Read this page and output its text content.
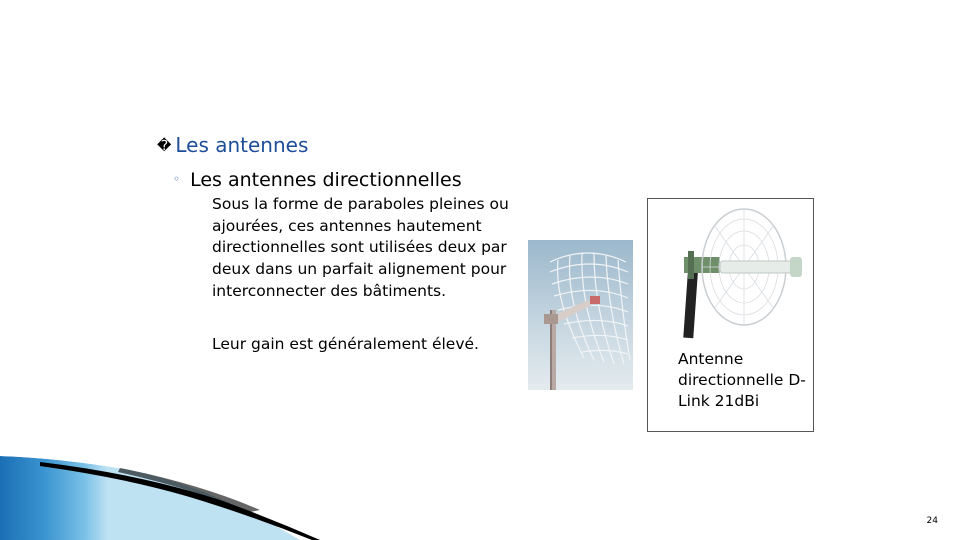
� Les antennes
◦ Les antennes directionnelles
Sous la forme de paraboles pleines ou ajourées, ces antennes hautement directionnelles sont utilisées deux par deux dans un parfait alignement pour interconnecter des bâtiments.
Leur gain est généralement élevé.
Antenne directionnelle D-Link 21dBi
24
